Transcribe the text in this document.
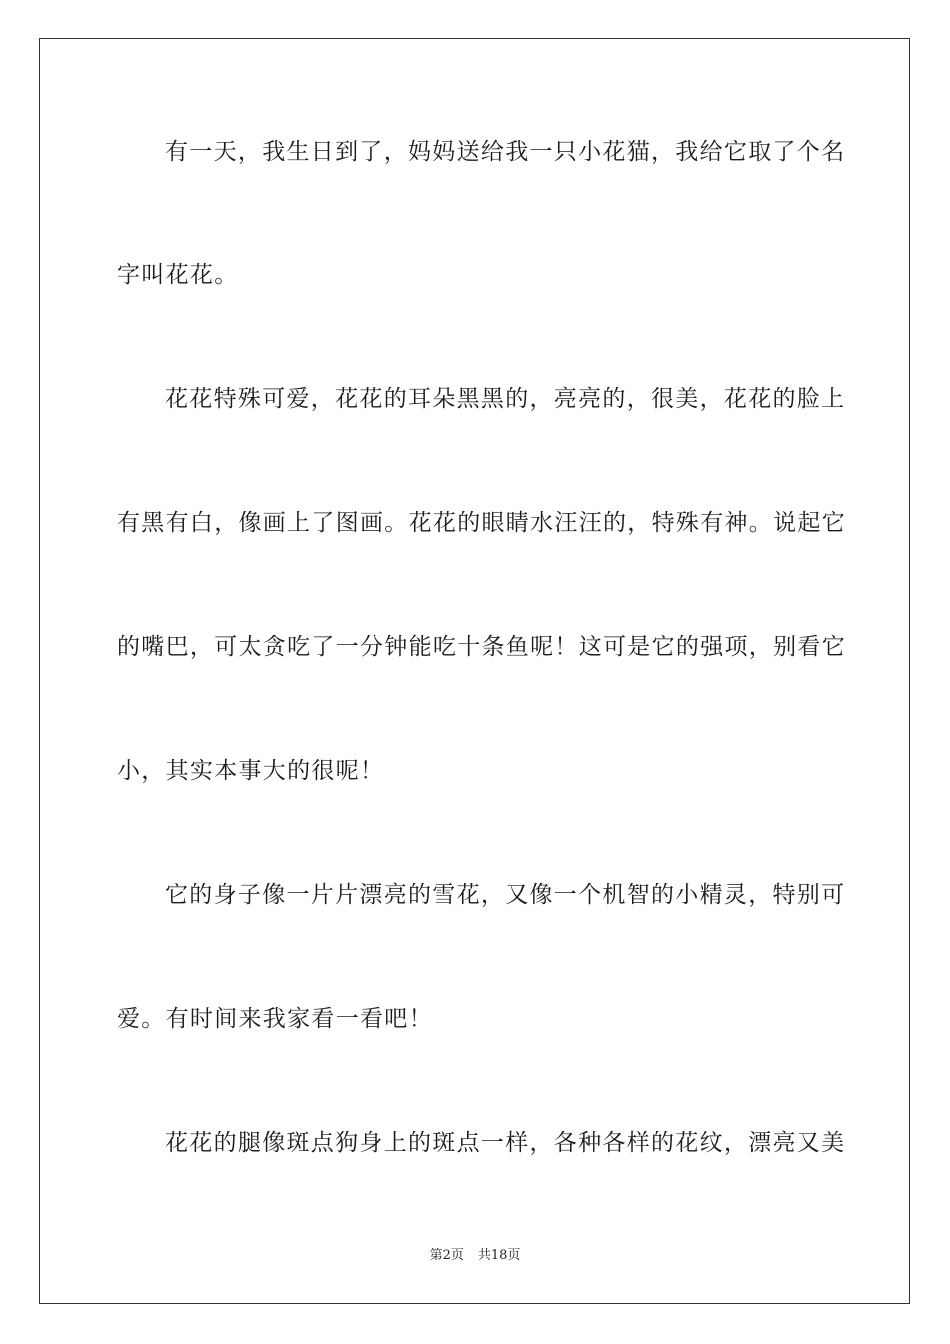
有一天，我生日到了，妈妈送给我一只小花猫，我给它取了个名
字叫花花。
花花特殊可爱，花花的耳朵黑黑的，亮亮的，很美，花花的脸上
有黑有白，像画上了图画。花花的眼睛水汪汪的，特殊有神。说起它
的嘴巴，可太贪吃了一分钟能吃十条鱼呢！这可是它的强项，别看它
小，其实本事大的很呢！
它的身子像一片片漂亮的雪花，又像一个机智的小精灵，特别可
爱。有时间来我家看一看吧！
花花的腿像斑点狗身上的斑点一样，各种各样的花纹，漂亮又美
第2页 共18页
